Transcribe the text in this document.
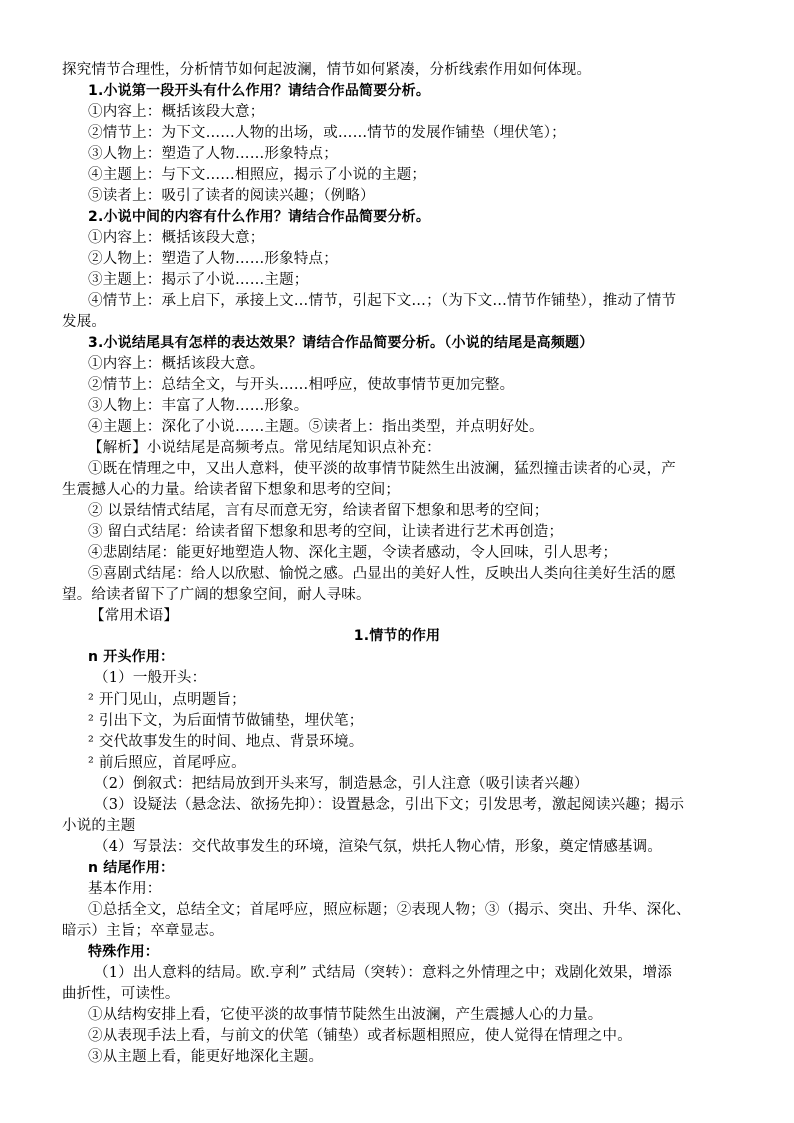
探究情节合理性，分析情节如何起波澜，情节如何紧凑，分析线索作用如何体现。
1.小说第一段开头有什么作用？请结合作品简要分析。
①内容上：概括该段大意；
②情节上：为下文……人物的出场，或……情节的发展作铺垫（埋伏笔）；
③人物上：塑造了人物……形象特点；
④主题上：与下文……相照应，揭示了小说的主题；
⑤读者上：吸引了读者的阅读兴趣；（例略）
2.小说中间的内容有什么作用？请结合作品简要分析。
①内容上：概括该段大意；
②人物上：塑造了人物……形象特点；
③主题上：揭示了小说……主题；
④情节上：承上启下，承接上文…情节，引起下文…；（为下文…情节作铺垫），推动了情节
发展。
3.小说结尾具有怎样的表达效果？请结合作品简要分析。（小说的结尾是高频题）
①内容上：概括该段大意。
②情节上：总结全文，与开头……相呼应，使故事情节更加完整。
③人物上：丰富了人物……形象。
④主题上：深化了小说……主题。⑤读者上：指出类型，并点明好处。
【解析】小说结尾是高频考点。常见结尾知识点补充：
①既在情理之中，又出人意料，使平淡的故事情节陡然生出波澜，猛烈撞击读者的心灵，产
生震撼人心的力量。给读者留下想象和思考的空间；
② 以景结情式结尾，言有尽而意无穷，给读者留下想象和思考的空间；
③ 留白式结尾：给读者留下想象和思考的空间，让读者进行艺术再创造；
④悲剧结尾：能更好地塑造人物、深化主题，令读者感动，令人回味，引人思考；
⑤喜剧式结尾：给人以欣慰、愉悦之感。凸显出的美好人性，反映出人类向往美好生活的愿
望。给读者留下了广阔的想象空间，耐人寻味。
【常用术语】
1.情节的作用
n 开头作用：
（1）一般开头：
² 开门见山，点明题旨；
² 引出下文，为后面情节做铺垫，埋伏笔；
² 交代故事发生的时间、地点、背景环境。
² 前后照应，首尾呼应。
（2）倒叙式：把结局放到开头来写，制造悬念，引人注意（吸引读者兴趣）
（3）设疑法（悬念法、欲扬先抑）：设置悬念，引出下文；引发思考，激起阅读兴趣；揭示
小说的主题
（4）写景法：交代故事发生的环境，渲染气氛，烘托人物心情，形象，奠定情感基调。
n 结尾作用：
基本作用：
①总括全文，总结全文；首尾呼应，照应标题；②表现人物；③（揭示、突出、升华、深化、
暗示）主旨；卒章显志。
特殊作用：
（1）出人意料的结局。欧.亨利” 式结局（突转）：意料之外情理之中；戏剧化效果，增添
曲折性，可读性。
①从结构安排上看，它使平淡的故事情节陡然生出波澜，产生震撼人心的力量。
②从表现手法上看，与前文的伏笔（铺垫）或者标题相照应，使人觉得在情理之中。
③从主题上看，能更好地深化主题。
